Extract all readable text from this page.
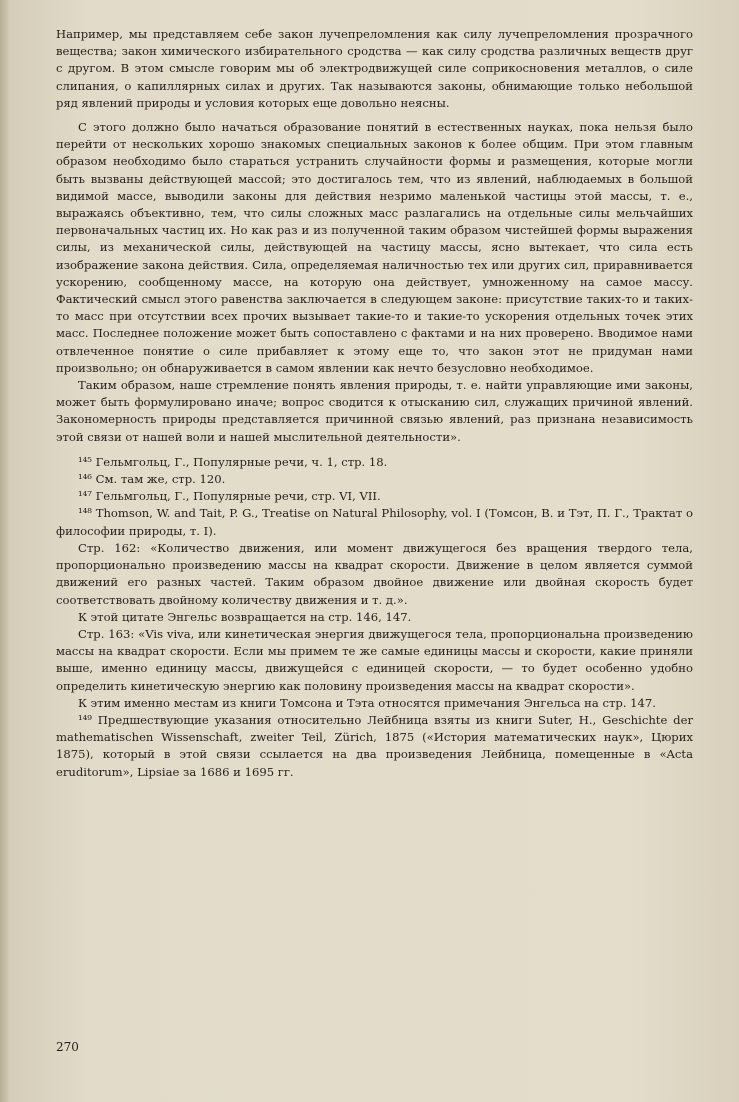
Например, мы представляем себе закон лучепреломления как силу лучепреломления прозрачного вещества; закон химического избирательного сродства — как силу сродства различных веществ друг с другом. В этом смысле говорим мы об электродвижущей силе соприкосновения металлов, о силе слипания, о капиллярных силах и других. Так называются законы, обнимающие только небольшой ряд явлений природы и условия которых еще довольно неясны.

С этого должно было начаться образование понятий в естественных науках, пока нельзя было перейти от нескольких хорошо знакомых специальных законов к более общим. При этом главным образом необходимо было стараться устранить случайности формы и размещения, которые могли быть вызваны действующей массой; это достигалось тем, что из явлений, наблюдаемых в большой видимой массе, выводили законы для действия незримо маленькой частицы этой массы, т. е., выражаясь объективно, тем, что силы сложных масс разлагались на отдельные силы мельчайших первоначальных частиц их. Но как раз и из полученной таким образом чистейшей формы выражения силы, из механической силы, действующей на частицу массы, ясно вытекает, что сила есть изображение закона действия. Сила, определяемая наличностью тех или других сил, приравнивается ускорению, сообщенному массе, на которую она действует, умноженному на самое массу. Фактический смысл этого равенства заключается в следующем законе: присутствие таких-то и таких-то масс при отсутствии всех прочих вызывает такие-то и такие-то ускорения отдельных точек этих масс. Последнее положение может быть сопоставлено с фактами и на них проверено. Вводимое нами отвлеченное понятие о силе прибавляет к этому еще то, что закон этот не придуман нами произвольно; он обнаруживается в самом явлении как нечто безусловно необходимое.

Таким образом, наше стремление понять явления природы, т. е. найти управляющие ими законы, может быть формулировано иначе; вопрос сводится к отысканию сил, служащих причиной явлений. Закономерность природы представляется причинной связью явлений, раз признана независимость этой связи от нашей воли и нашей мыслительной деятельности».

¹⁴⁵ Гельмгольц, Г., Популярные речи, ч. 1, стр. 18.

¹⁴⁶ См. там же, стр. 120.

¹⁴⁷ Гельмгольц, Г., Популярные речи, стр. VI, VII.

¹⁴⁸ Thomson, W. and Tait, P. G., Treatise on Natural Philosophy, vol. I (Томсон, В. и Тэт, П. Г., Трактат о философии природы, т. I).

Стр. 162: «Количество движения, или момент движущегося без вращения твердого тела, пропорционально произведению массы на квадрат скорости. Движение в целом является суммой движений его разных частей. Таким образом двойное движение или двойная скорость будет соответствовать двойному количеству движения и т. д.».

К этой цитате Энгельс возвращается на стр. 146, 147.

Стр. 163: «Vis viva, или кинетическая энергия движущегося тела, пропорциональна произведению массы на квадрат скорости. Если мы примем те же самые единицы массы и скорости, какие приняли выше, именно единицу массы, движущейся с единицей скорости, — то будет особенно удобно определить кинетическую энергию как половину произведения массы на квадрат скорости».

К этим именно местам из книги Томсона и Тэта относятся примечания Энгельса на стр. 147.

¹⁴⁹ Предшествующие указания относительно Лейбница взяты из книги Suter, H., Geschichte der mathematischen Wissenschaft, zweiter Teil, Zürich, 1875 («История математических наук», Цюрих 1875), который в этой связи ссылается на два произведения Лейбница, помещенные в «Acta eruditorum», Lipsiae за 1686 и 1695 гг.

270
